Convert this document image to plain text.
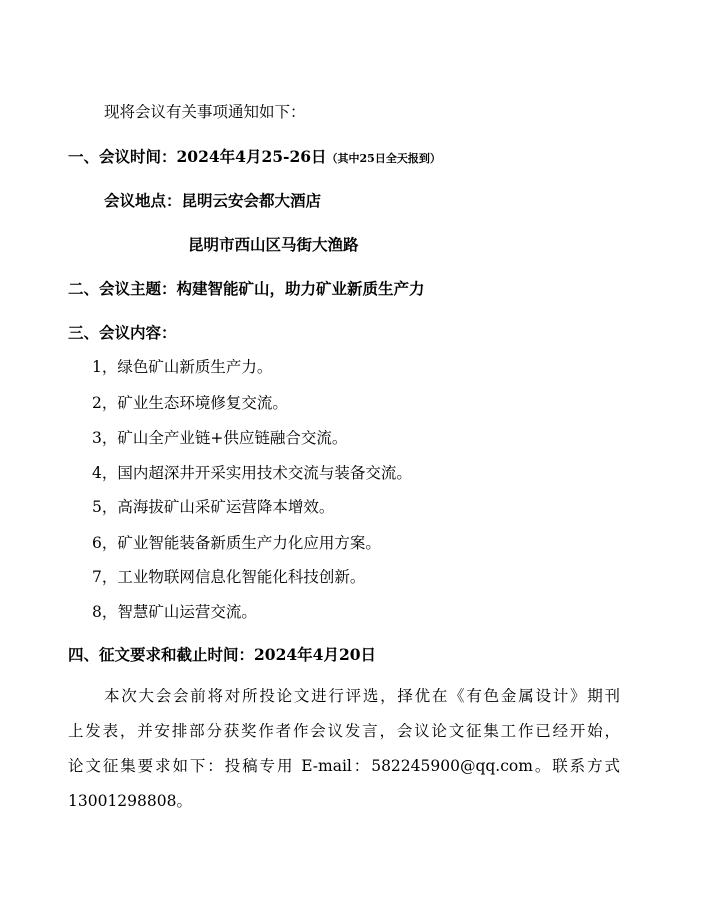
现将会议有关事项通知如下：
一、会议时间：2024年4月25-26日（其中25日全天报到）
会议地点：昆明云安会都大酒店
昆明市西山区马街大渔路
二、会议主题：构建智能矿山，助力矿业新质生产力
三、会议内容：
1，绿色矿山新质生产力。
2，矿业生态环境修复交流。
3，矿山全产业链+供应链融合交流。
4，国内超深井开采实用技术交流与装备交流。
5，高海拔矿山采矿运营降本增效。
6，矿业智能装备新质生产力化应用方案。
7，工业物联网信息化智能化科技创新。
8，智慧矿山运营交流。
四、征文要求和截止时间：2024年4月20日
本次大会会前将对所投论文进行评选，择优在《有色金属设计》期刊
上发表，并安排部分获奖作者作会议发言，会议论文征集工作已经开始，
论文征集要求如下：投稿专用 E-mail：582245900@qq.com。联系方式
13001298808。
